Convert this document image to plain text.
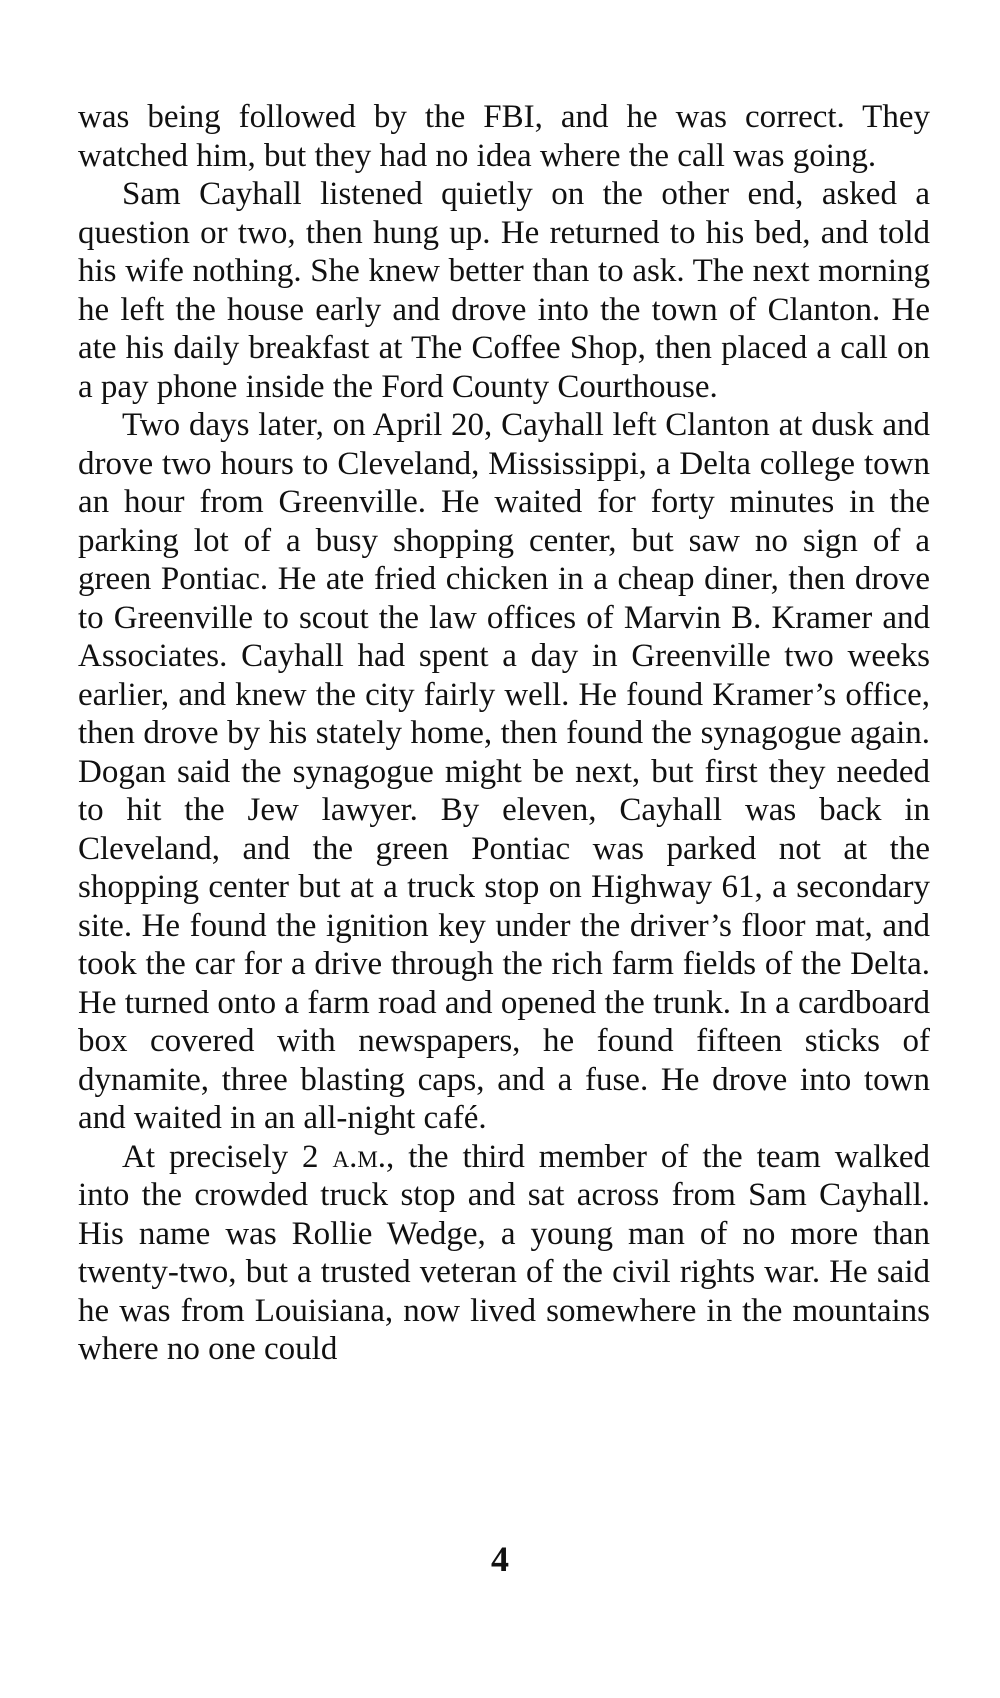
was being followed by the FBI, and he was correct. They watched him, but they had no idea where the call was going.

Sam Cayhall listened quietly on the other end, asked a question or two, then hung up. He returned to his bed, and told his wife nothing. She knew better than to ask. The next morning he left the house early and drove into the town of Clanton. He ate his daily breakfast at The Coffee Shop, then placed a call on a pay phone inside the Ford County Courthouse.

Two days later, on April 20, Cayhall left Clanton at dusk and drove two hours to Cleveland, Mississippi, a Delta college town an hour from Greenville. He waited for forty minutes in the parking lot of a busy shopping center, but saw no sign of a green Pontiac. He ate fried chicken in a cheap diner, then drove to Greenville to scout the law offices of Marvin B. Kramer and Associates. Cayhall had spent a day in Greenville two weeks earlier, and knew the city fairly well. He found Kramer’s office, then drove by his stately home, then found the synagogue again. Dogan said the synagogue might be next, but first they needed to hit the Jew lawyer. By eleven, Cayhall was back in Cleveland, and the green Pontiac was parked not at the shopping center but at a truck stop on Highway 61, a secondary site. He found the ignition key under the driver’s floor mat, and took the car for a drive through the rich farm fields of the Delta. He turned onto a farm road and opened the trunk. In a cardboard box covered with newspapers, he found fifteen sticks of dynamite, three blasting caps, and a fuse. He drove into town and waited in an all-night café.

At precisely 2 a.m., the third member of the team walked into the crowded truck stop and sat across from Sam Cayhall. His name was Rollie Wedge, a young man of no more than twenty-two, but a trusted veteran of the civil rights war. He said he was from Louisiana, now lived somewhere in the mountains where no one could

4
